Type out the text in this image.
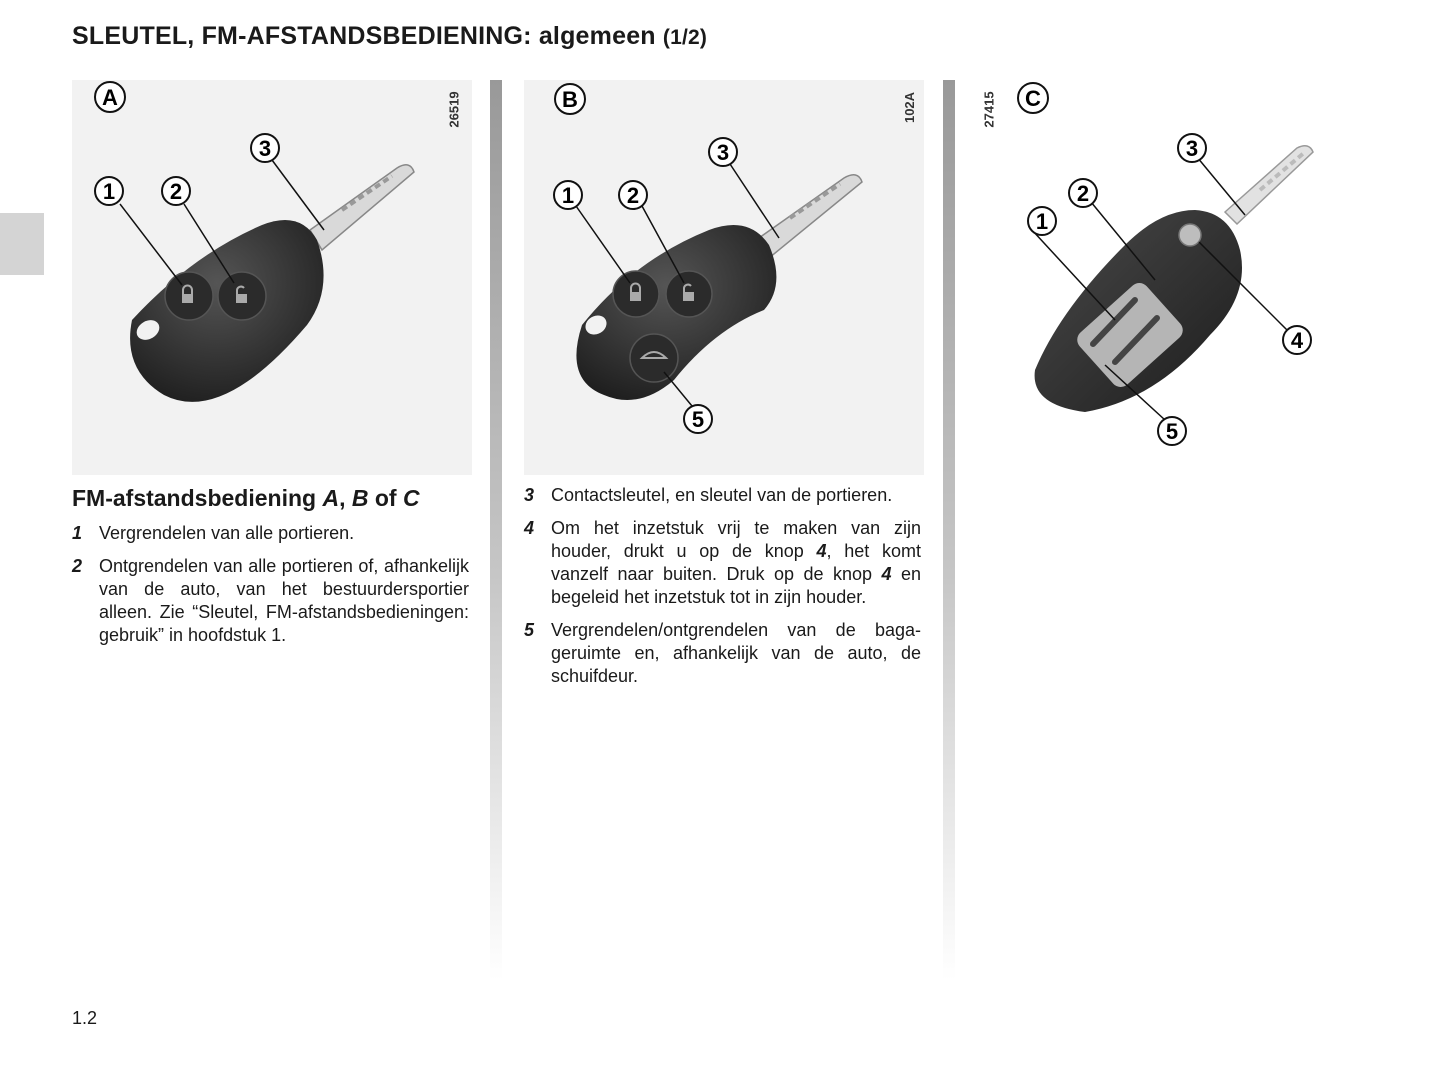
SLEUTEL, FM-AFSTANDSBEDIENING: algemeen (1/2)
A
1 2
3
26519	B
1 2
3
5
102A	C
1
2
3
4
5
27415
FM-afstandsbediening A, B of C
1 Vergrendelen van alle portieren.
2 Ontgrendelen van alle portieren of, afhankelijk van de auto, van het bestuurdersportier alleen. Zie “Sleutel, FM-afstandsbedieningen: gebruik” in hoofdstuk 1.
3 Contactsleutel, en sleutel van de portieren.
4 Om het inzetstuk vrij te maken van zijn houder, drukt u op de knop 4, het komt vanzelf naar buiten. Druk op de knop 4 en begeleid het inzetstuk tot in zijn houder.
5 Vergrendelen/ontgrendelen van de bagageruimte en, afhankelijk van de auto, de schuifdeur.
1.2
